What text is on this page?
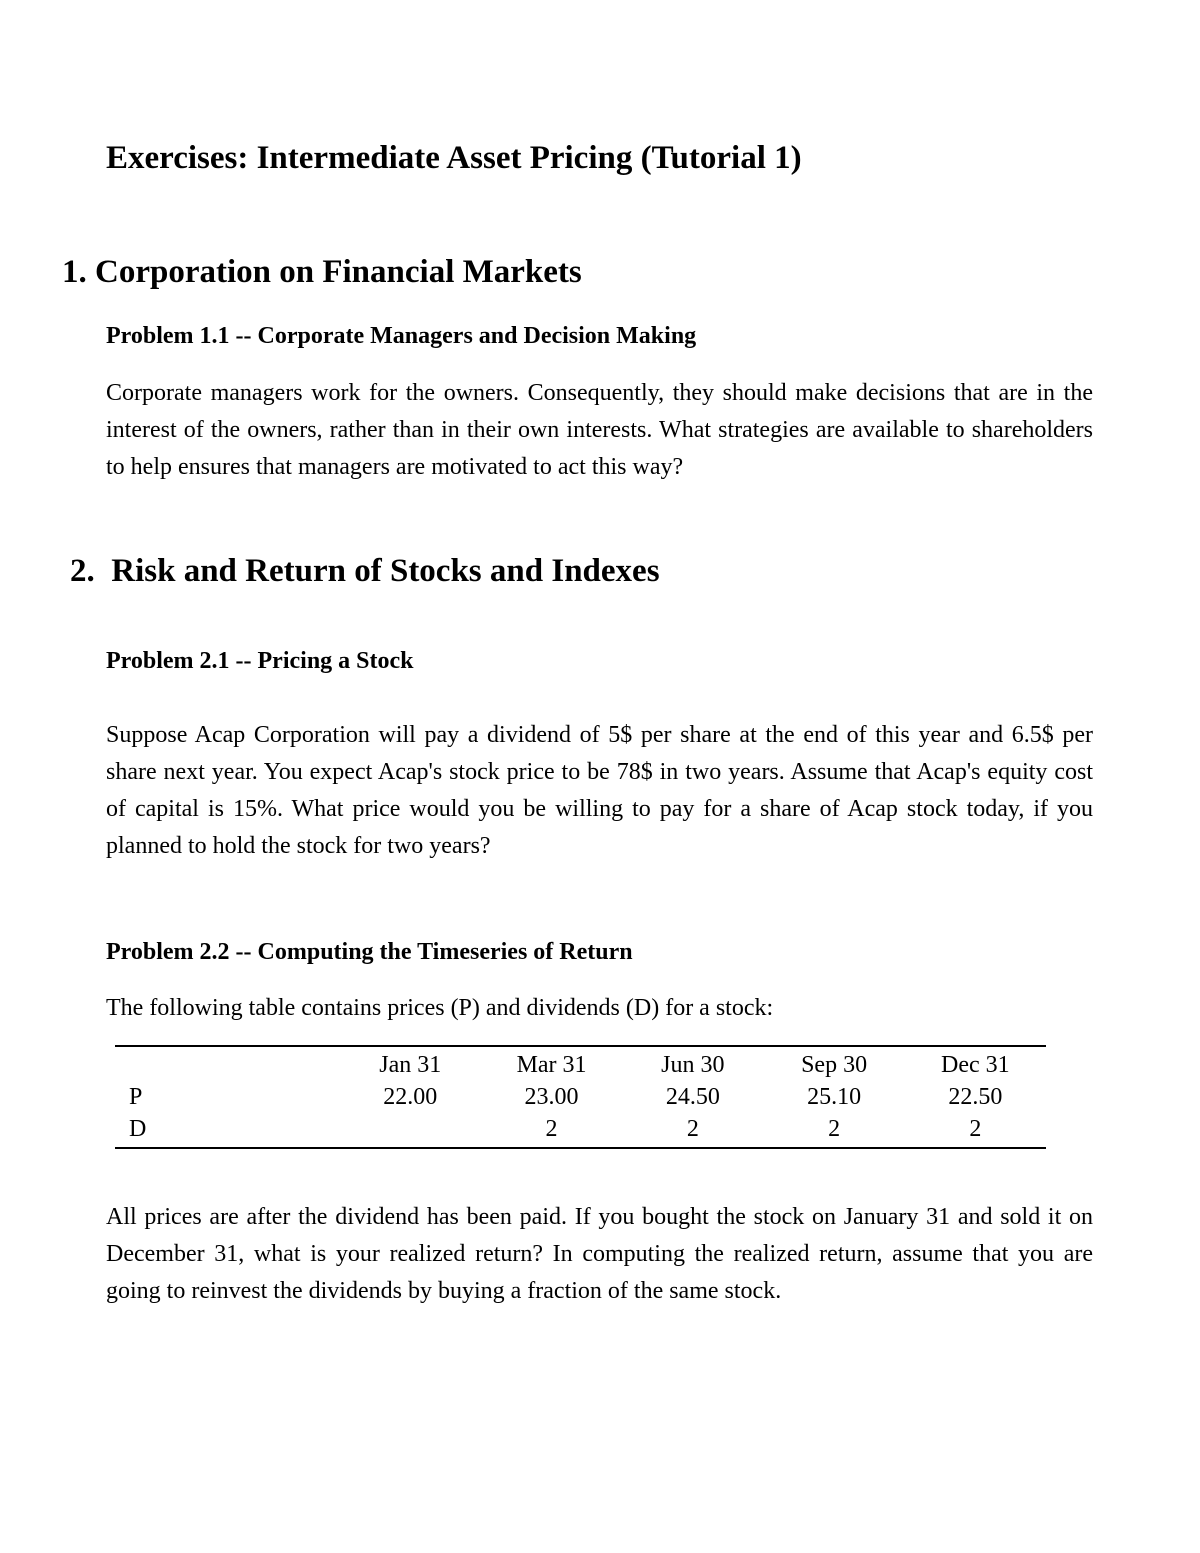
Exercises: Intermediate Asset Pricing (Tutorial 1)
1. Corporation on Financial Markets
Problem 1.1 -- Corporate Managers and Decision Making

Corporate managers work for the owners. Consequently, they should make decisions that are in the interest of the owners, rather than in their own interests. What strategies are available to shareholders to help ensures that managers are motivated to act this way?

2.  Risk and Return of Stocks and Indexes
Problem 2.1 -- Pricing a Stock

Suppose Acap Corporation will pay a dividend of 5$ per share at the end of this year and 6.5$ per share next year. You expect Acap's stock price to be 78$ in two years. Assume that Acap's equity cost of capital is 15%. What price would you be willing to pay for a share of Acap stock today, if you planned to hold the stock for two years?

Problem 2.2 -- Computing the Timeseries of Return

The following table contains prices (P) and dividends (D) for a stock:

	Jan 31	Mar 31	Jun 30	Sep 30	Dec 31
P	22.00	23.00	24.50	25.10	22.50
D		2	2	2	2

All prices are after the dividend has been paid. If you bought the stock on January 31 and sold it on December 31, what is your realized return? In computing the realized return, assume that you are going to reinvest the dividends by buying a fraction of the same stock.
